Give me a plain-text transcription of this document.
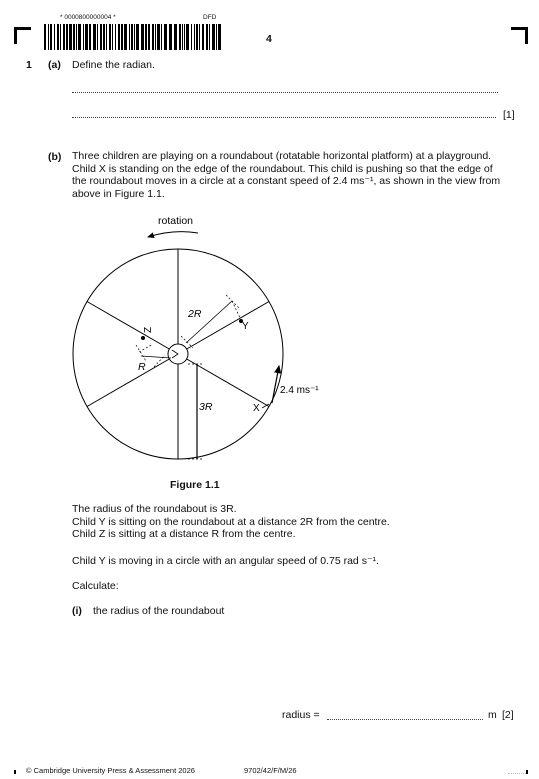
* 0000800000004 *	DFD
4
1 (a) Define the radian.
[1]
(b) Three children are playing on a roundabout (rotatable horizontal platform) at a playground.
Child X is standing on the edge of the roundabout. This child is pushing so that the edge of
the roundabout moves in a circle at a constant speed of 2.4 ms⁻¹, as shown in the view from
above in Figure 1.1.
rotation
2R
Y
Z
R
3R	X
2.4 ms⁻¹
Figure 1.1
The radius of the roundabout is 3R.
Child Y is sitting on the roundabout at a distance 2R from the centre.
Child Z is sitting at a distance R from the centre.
Child Y is moving in a circle with an angular speed of 0.75 rad s⁻¹.
Calculate:
(i) the radius of the roundabout
radius =	m [2]
© Cambridge University Press & Assessment 2026	9702/42/F/M/26
